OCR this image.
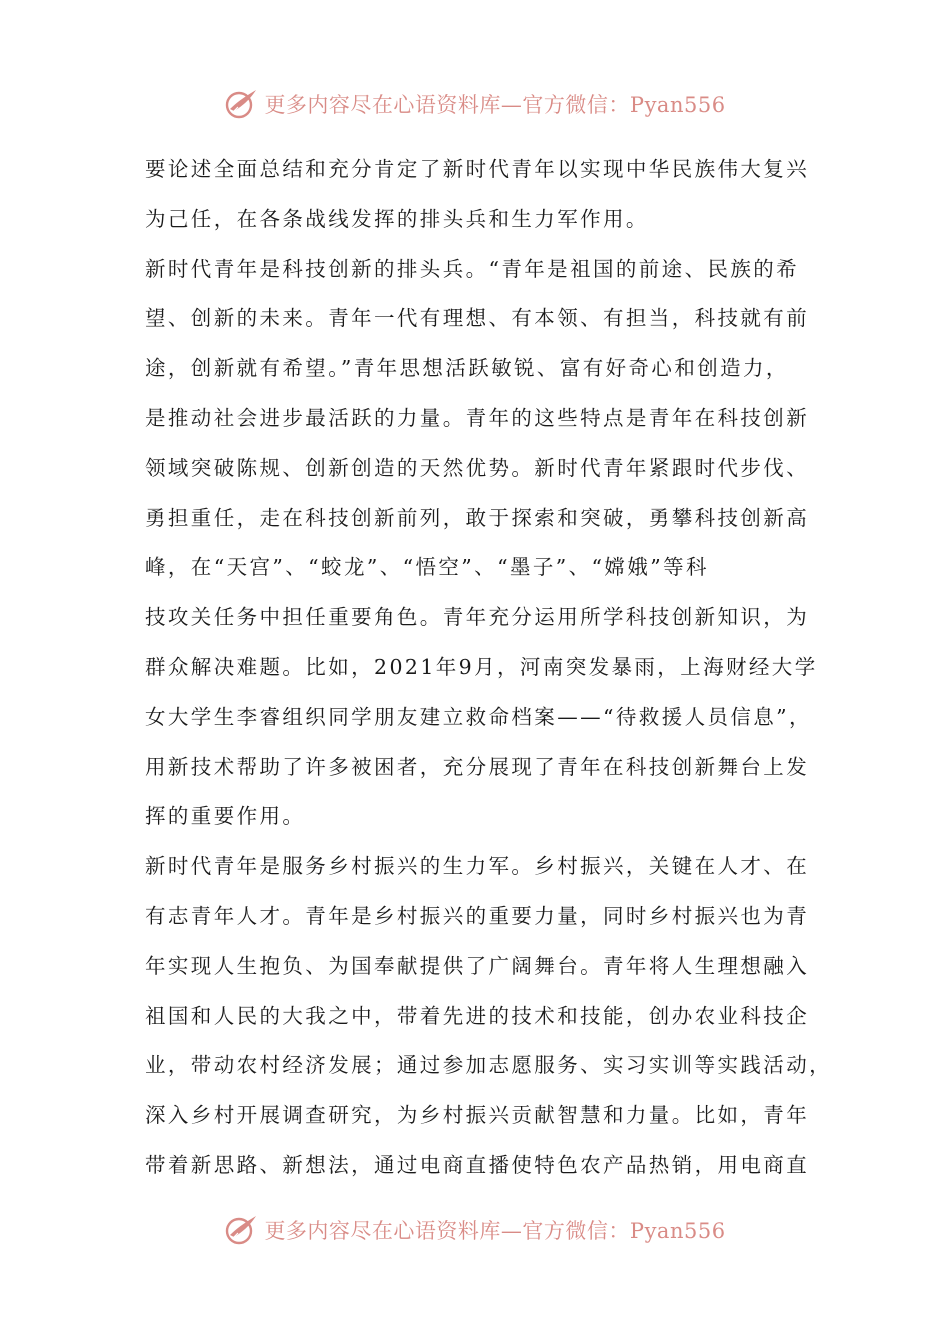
更多内容尽在心语资料库—官方微信：Pyan556
要论述全面总结和充分肯定了新时代青年以实现中华民族伟大复兴
为己任，在各条战线发挥的排头兵和生力军作用。
新时代青年是科技创新的排头兵。“青年是祖国的前途、民族的希
望、创新的未来。青年一代有理想、有本领、有担当，科技就有前
途，创新就有希望。”青年思想活跃敏锐、富有好奇心和创造力，
是推动社会进步最活跃的力量。青年的这些特点是青年在科技创新
领域突破陈规、创新创造的天然优势。新时代青年紧跟时代步伐、
勇担重任，走在科技创新前列，敢于探索和突破，勇攀科技创新高
峰，在“天宫”、“蛟龙”、“悟空”、“墨子”、“嫦娥”等科
技攻关任务中担任重要角色。青年充分运用所学科技创新知识，为
群众解决难题。比如，2021年9月，河南突发暴雨，上海财经大学
女大学生李睿组织同学朋友建立救命档案——“待救援人员信息”，
用新技术帮助了许多被困者，充分展现了青年在科技创新舞台上发
挥的重要作用。
新时代青年是服务乡村振兴的生力军。乡村振兴，关键在人才、在
有志青年人才。青年是乡村振兴的重要力量，同时乡村振兴也为青
年实现人生抱负、为国奉献提供了广阔舞台。青年将人生理想融入
祖国和人民的大我之中，带着先进的技术和技能，创办农业科技企
业，带动农村经济发展；通过参加志愿服务、实习实训等实践活动，
深入乡村开展调查研究，为乡村振兴贡献智慧和力量。比如，青年
带着新思路、新想法，通过电商直播使特色农产品热销，用电商直
更多内容尽在心语资料库—官方微信：Pyan556
